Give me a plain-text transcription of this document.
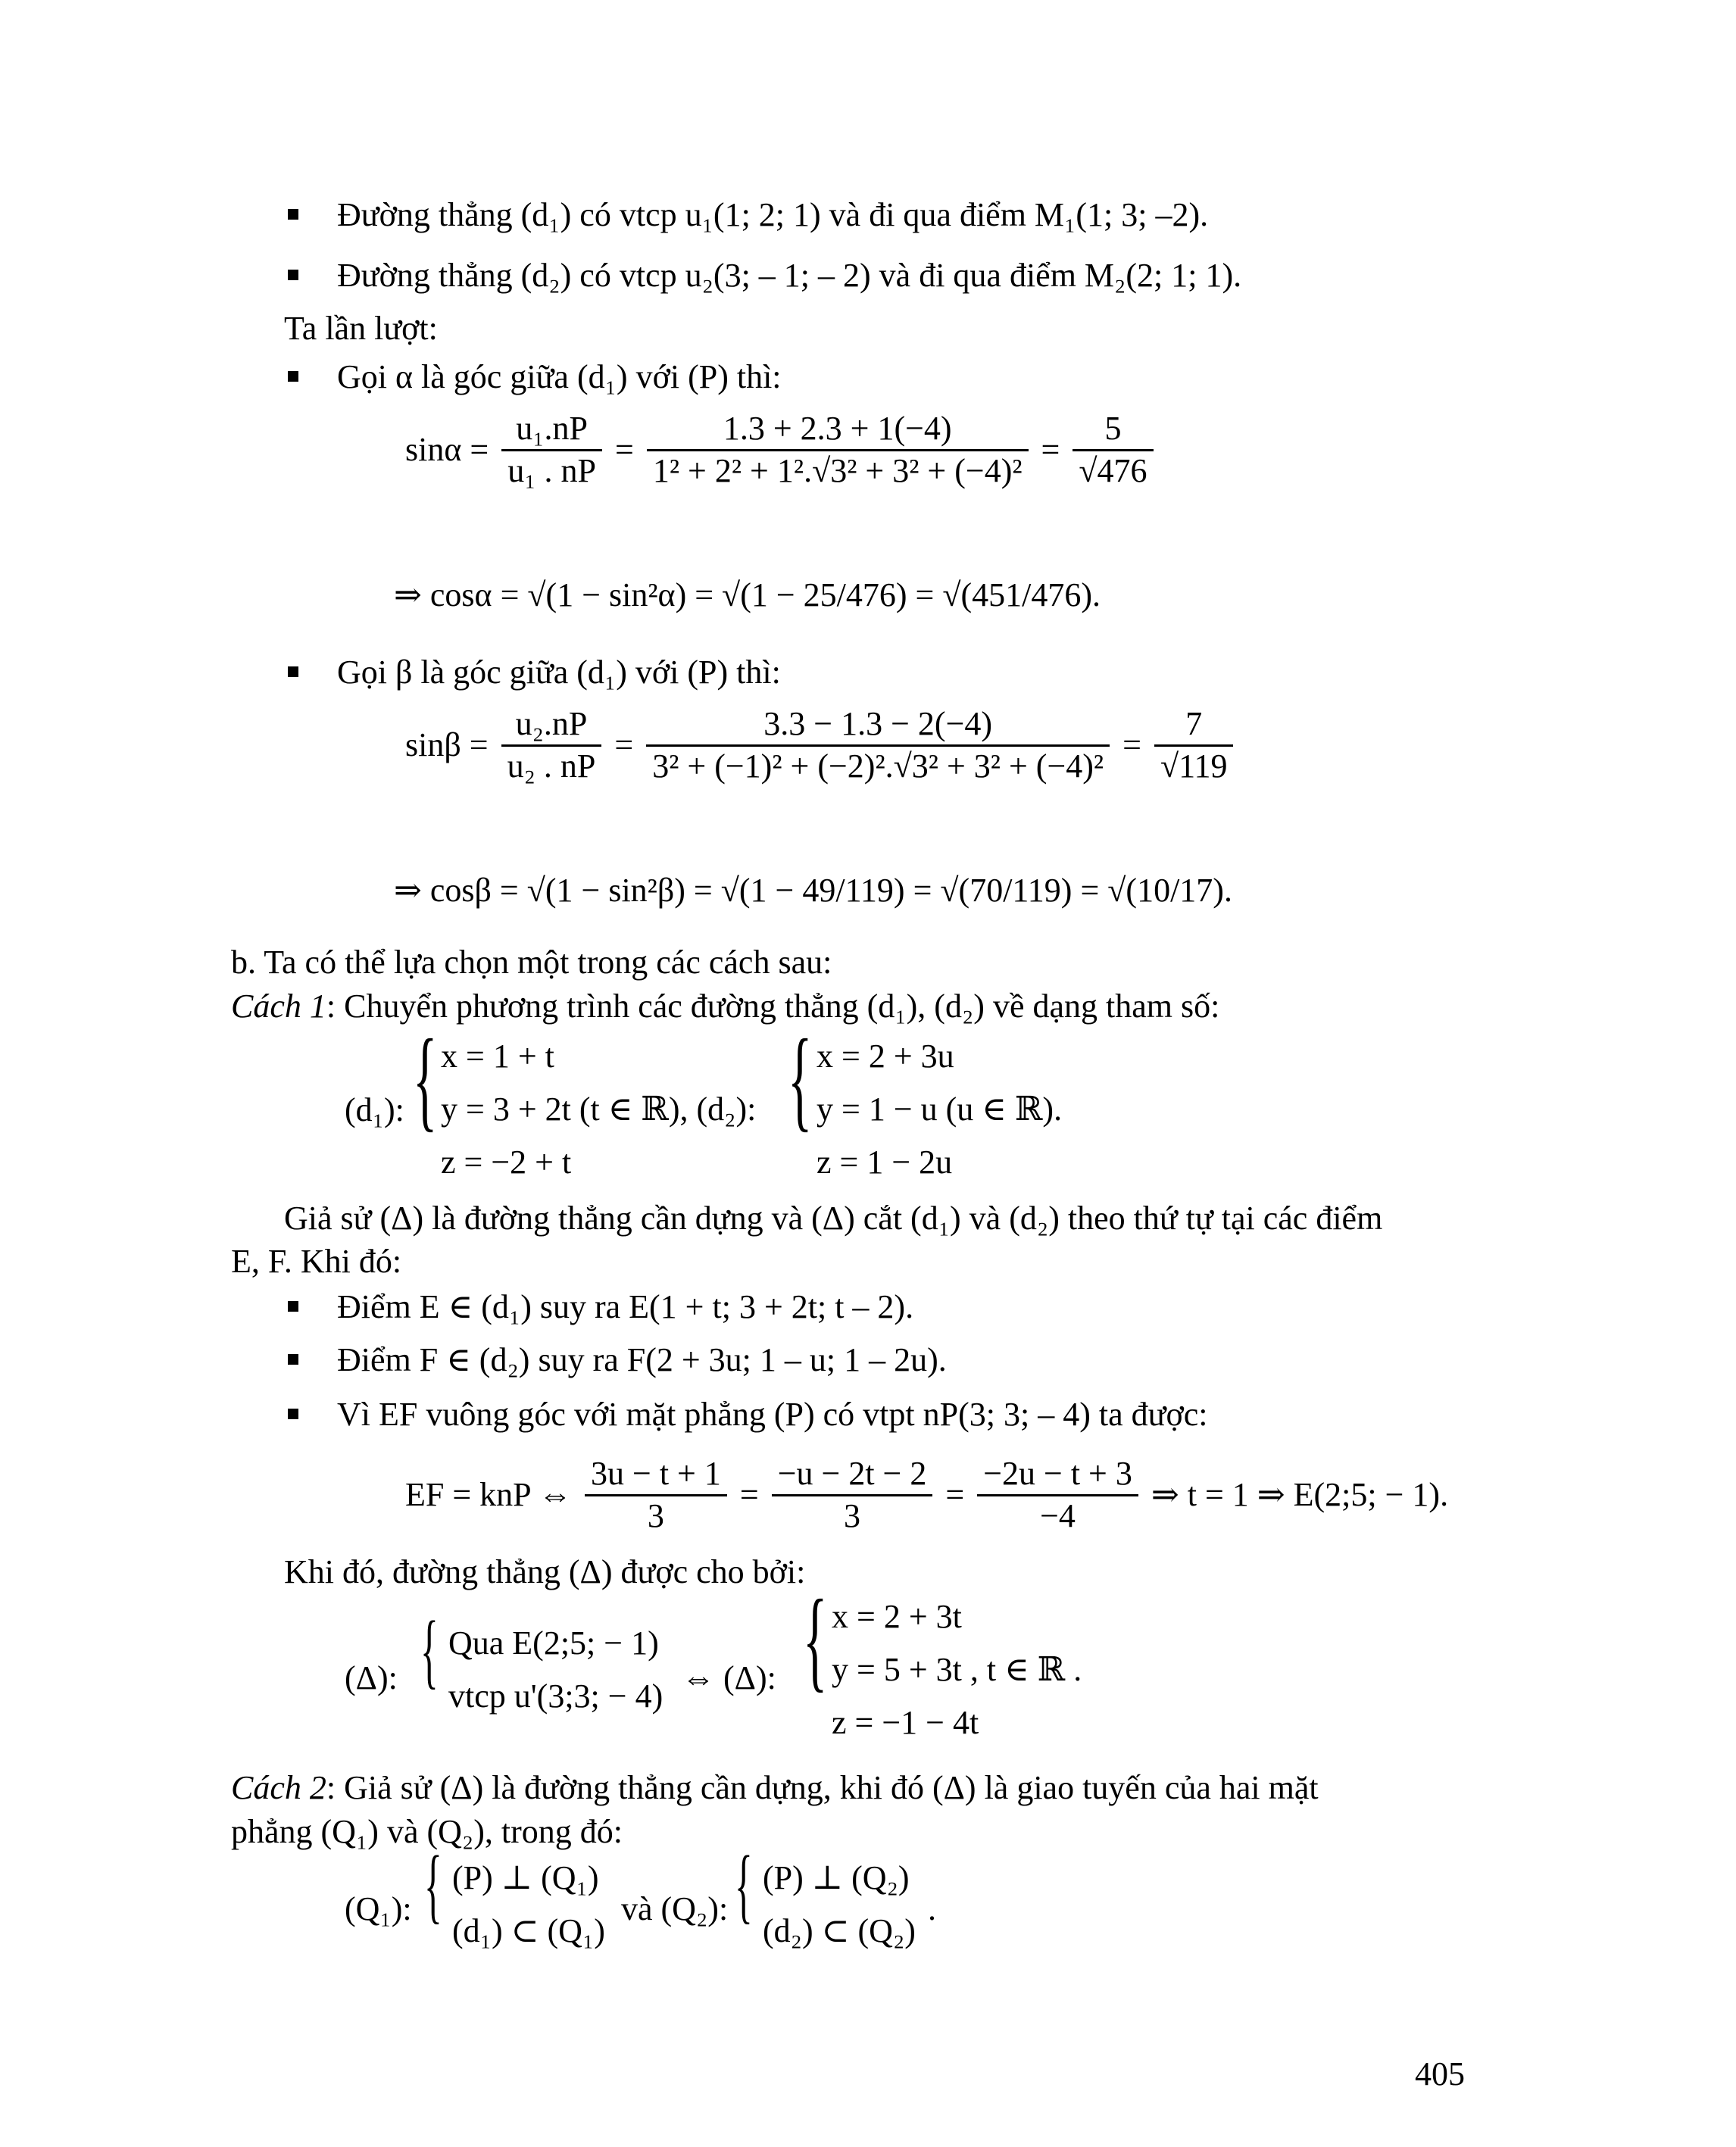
Đường thẳng (d₁) có vtcp u₁(1; 2; 1) và đi qua điểm M₁(1; 3; –2).
Đường thẳng (d₂) có vtcp u₂(3; – 1; – 2) và đi qua điểm M₂(2; 1; 1).
Ta lần lượt:
Gọi α là góc giữa (d₁) với (P) thì:
$\sin\alpha = \frac{\text{u₁.nP}}{\text{u₁ . nP}} = \frac{1.3 + 2.3 + 1(-4)}{\text{1² + 2² + 1².√3² + 3² + (−4)²}} = \frac{5}{√476}$
⇒ cosα = √(1 − sin²α) = √(1 − 25/476) = √(451/476).
Gọi β là góc giữa (d₁) với (P) thì:
$\sin\beta = \frac{\text{u₂.nP}}{\text{u₂ . nP}} = \frac{3.3 - 1.3 - 2(-4)}{\text{3² + (−1)² + (−2)².√3² + 3² + (−4)²}} = \frac{7}{√119}$
⇒ cosβ = √(1 − sin²β) = √(1 − 49/119) = √(70/119) = √(10/17).
b. Ta có thể lựa chọn một trong các cách sau:
Cách 1: Chuyển phương trình các đường thẳng (d₁), (d₂) về dạng tham số:
(d₁): { x = 1 + t
y = 3 + 2t (t ∈ ℝ), (d₂):
z = −2 + t
{ x = 2 + 3u
y = 1 − u (u ∈ ℝ).
z = 1 − 2u
Giả sử (Δ) là đường thẳng cần dựng và (Δ) cắt (d₁) và (d₂) theo thứ tự tại các điểm
E, F. Khi đó:
Điểm E ∈ (d₁) suy ra E(1 + t; 3 + 2t; t – 2).
Điểm F ∈ (d₂) suy ra F(2 + 3u; 1 – u; 1 – 2u).
Vì EF vuông góc với mặt phẳng (P) có vtpt nP(3; 3; – 4) ta được:
EF = knP ⇔ $\frac{3u - t + 1}{3} = \frac{-u - 2t - 2}{3} = \frac{-2u - t + 3}{-4}$ ⇒ t = 1 ⇒ E(2;5; − 1).
Khi đó, đường thẳng (Δ) được cho bởi:
(Δ): { Qua E(2;5; − 1)
vtcp u'(3;3; − 4) ⇔ (Δ): { x = 2 + 3t
y = 5 + 3t , t ∈ ℝ .
z = −1 − 4t
Cách 2: Giả sử (Δ) là đường thẳng cần dựng, khi đó (Δ) là giao tuyến của hai mặt
phẳng (Q₁) và (Q₂), trong đó:
(Q₁): { (P) ⊥ (Q₁)
(d₁) ⊂ (Q₁)
và (Q₂): { (P) ⊥ (Q₂)
(d₂) ⊂ (Q₂)
.
405
